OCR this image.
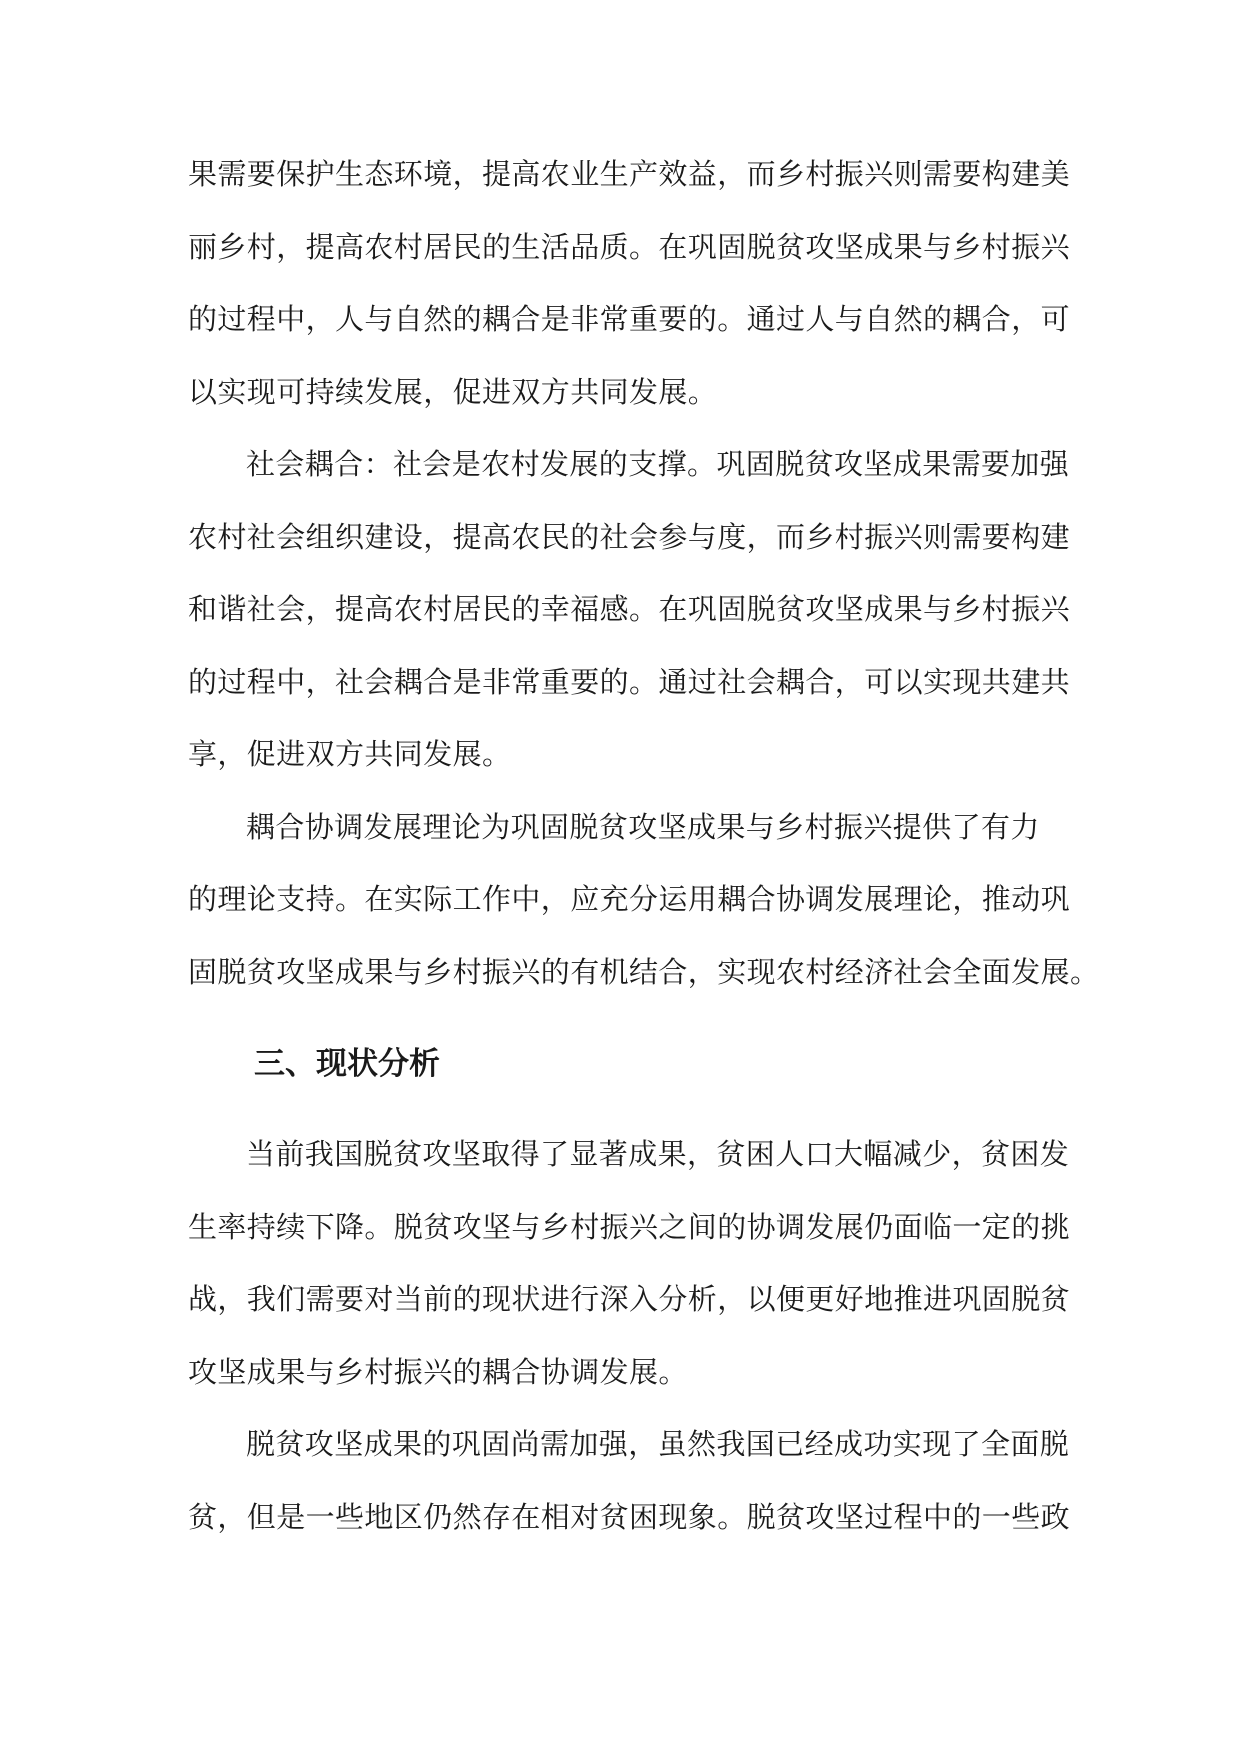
果需要保护生态环境，提高农业生产效益，而乡村振兴则需要构建美
丽乡村，提高农村居民的生活品质。在巩固脱贫攻坚成果与乡村振兴
的过程中，人与自然的耦合是非常重要的。通过人与自然的耦合，可
以实现可持续发展，促进双方共同发展。
社会耦合：社会是农村发展的支撑。巩固脱贫攻坚成果需要加强
农村社会组织建设，提高农民的社会参与度，而乡村振兴则需要构建
和谐社会，提高农村居民的幸福感。在巩固脱贫攻坚成果与乡村振兴
的过程中，社会耦合是非常重要的。通过社会耦合，可以实现共建共
享，促进双方共同发展。
耦合协调发展理论为巩固脱贫攻坚成果与乡村振兴提供了有力
的理论支持。在实际工作中，应充分运用耦合协调发展理论，推动巩
固脱贫攻坚成果与乡村振兴的有机结合，实现农村经济社会全面发展。
三、现状分析
当前我国脱贫攻坚取得了显著成果，贫困人口大幅减少，贫困发
生率持续下降。脱贫攻坚与乡村振兴之间的协调发展仍面临一定的挑
战，我们需要对当前的现状进行深入分析，以便更好地推进巩固脱贫
攻坚成果与乡村振兴的耦合协调发展。
脱贫攻坚成果的巩固尚需加强，虽然我国已经成功实现了全面脱
贫，但是一些地区仍然存在相对贫困现象。脱贫攻坚过程中的一些政
